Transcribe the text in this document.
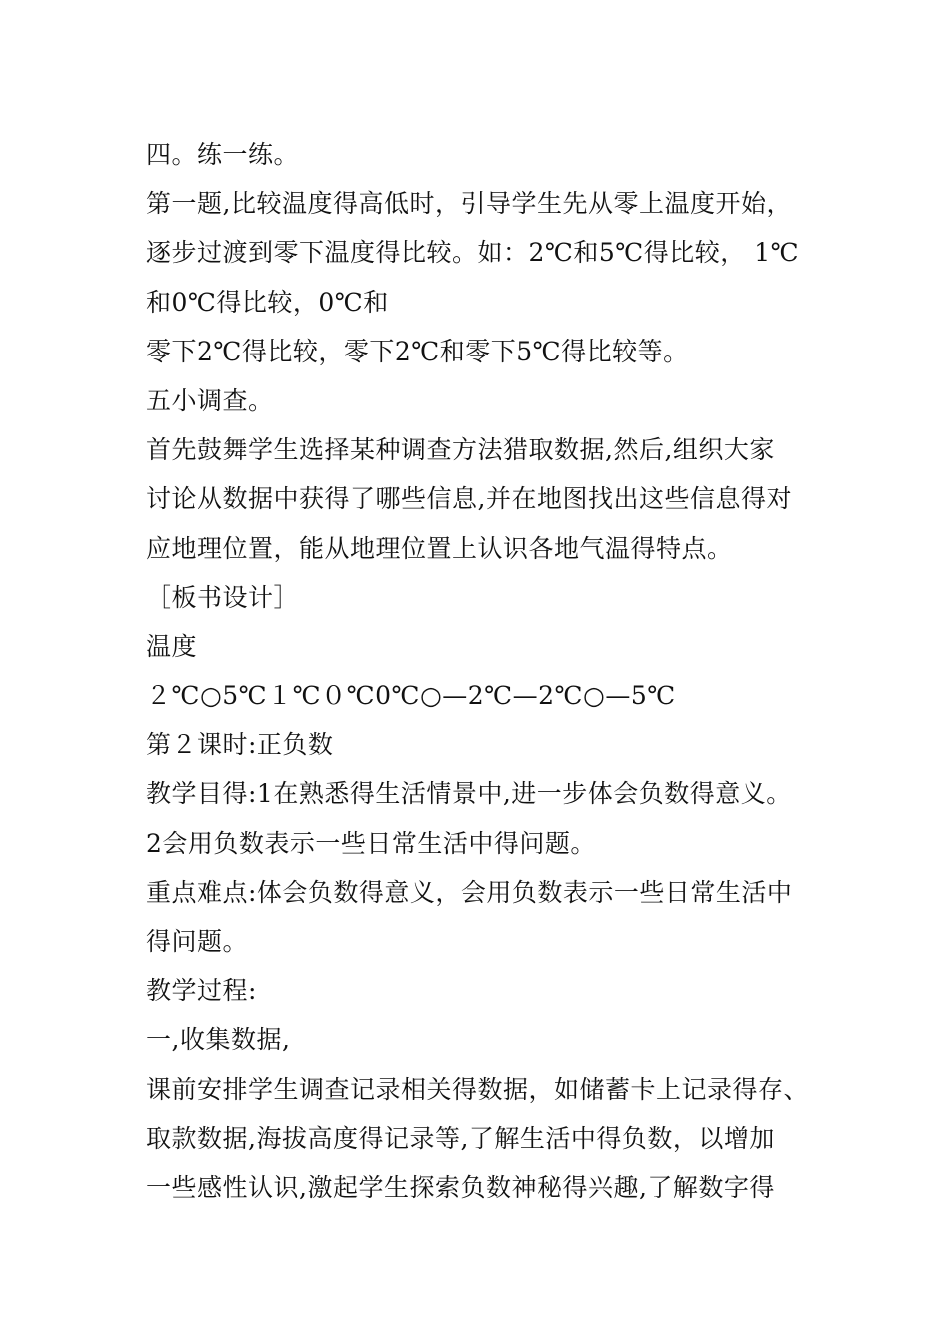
四。练一练。
第一题,比较温度得高低时，引导学生先从零上温度开始，
逐步过渡到零下温度得比较。如：2℃和5℃得比较， 1℃
和0℃得比较，0℃和
零下2℃得比较，零下2℃和零下5℃得比较等。
五小调查。
首先鼓舞学生选择某种调查方法猎取数据,然后,组织大家
讨论从数据中获得了哪些信息,并在地图找出这些信息得对
应地理位置，能从地理位置上认识各地气温得特点。
［板书设计］
温度
２℃○5℃１℃０℃0℃○—2℃—2℃○—5℃
第２课时:正负数
教学目得:1在熟悉得生活情景中,进一步体会负数得意义。
2会用负数表示一些日常生活中得问题。
重点难点:体会负数得意义，会用负数表示一些日常生活中
得问题。
教学过程:
一,收集数据,
课前安排学生调查记录相关得数据，如储蓄卡上记录得存、
取款数据,海拔高度得记录等,了解生活中得负数，以增加
一些感性认识,激起学生探索负数神秘得兴趣,了解数字得
